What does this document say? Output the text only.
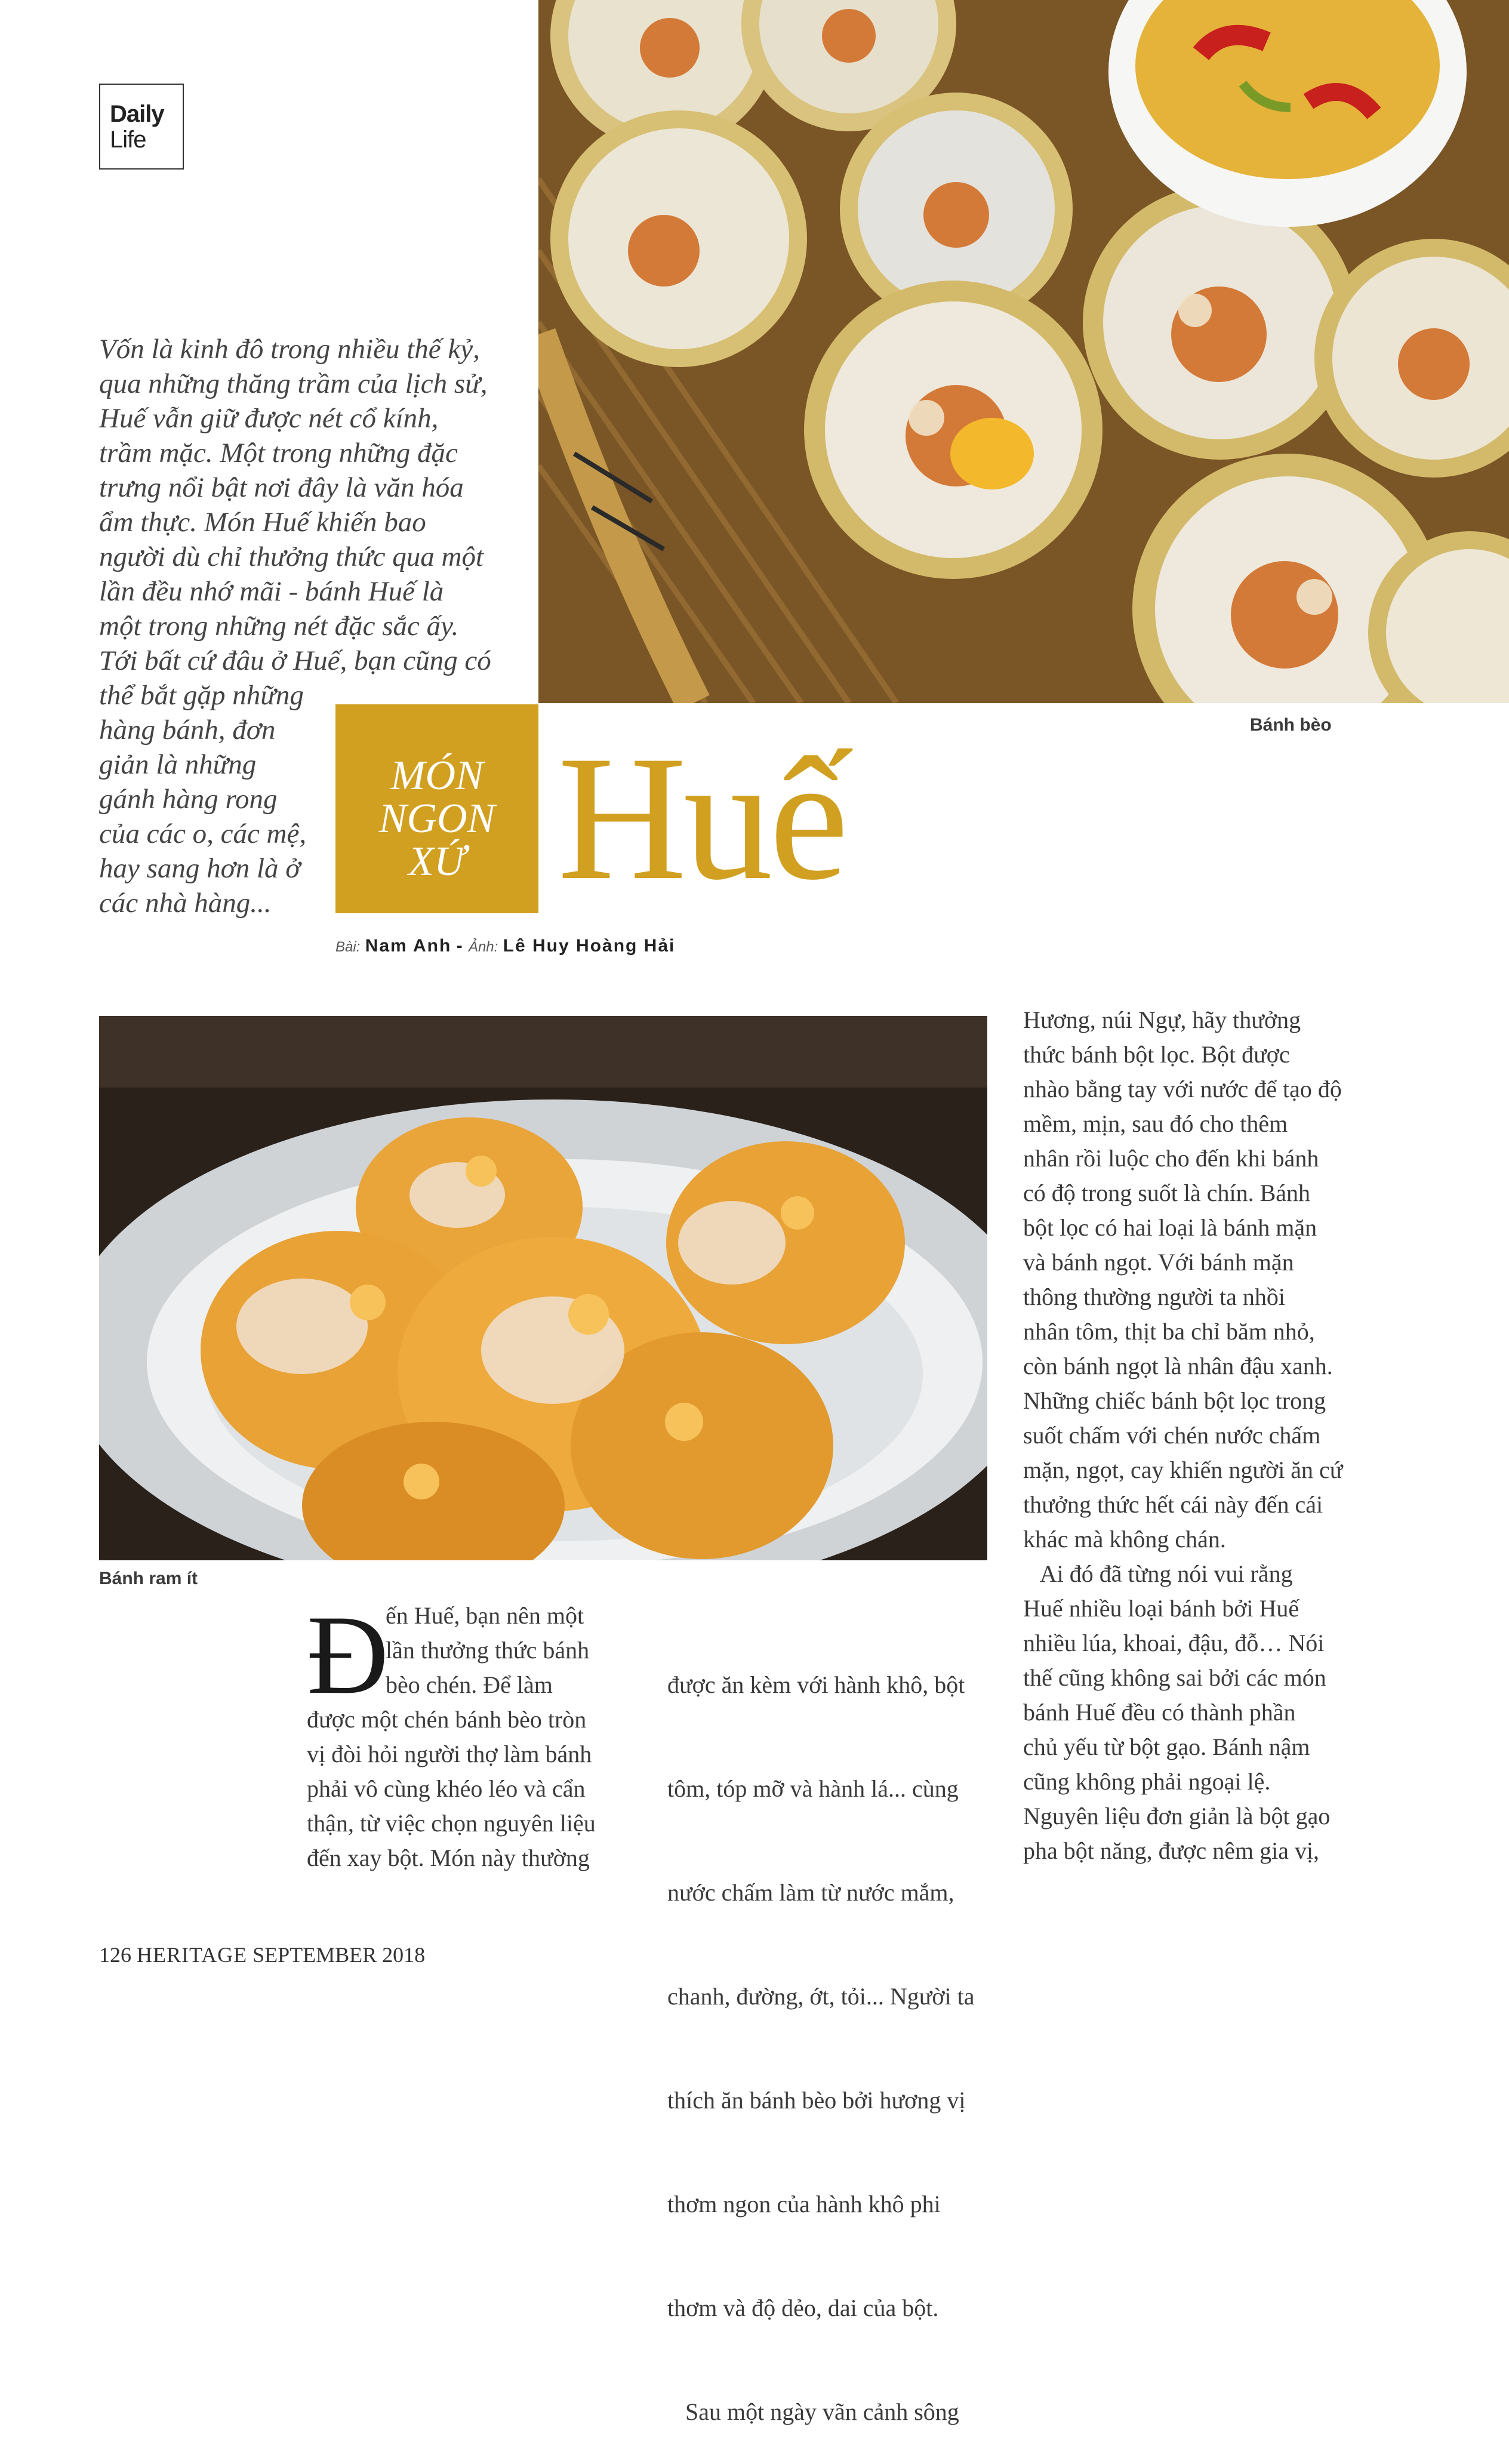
Daily
Life
Bánh bèo
Vốn là kinh đô trong nhiều thế kỷ,
qua những thăng trầm của lịch sử,
Huế vẫn giữ được nét cổ kính,
trầm mặc. Một trong những đặc
trưng nổi bật nơi đây là văn hóa
ẩm thực. Món Huế khiến bao
người dù chỉ thưởng thức qua một
lần đều nhớ mãi - bánh Huế là
một trong những nét đặc sắc ấy.
Tới bất cứ đâu ở Huế, bạn cũng có
thể bắt gặp những
hàng bánh, đơn
giản là những
gánh hàng rong
của các o, các mệ,
hay sang hơn là ở
các nhà hàng...
MÓN
NGON
XỨ Huế
Bài: Nam Anh - Ảnh: Lê Huy Hoàng Hải
Bánh ram ít
Đ
ến Huế, bạn nên một
lần thưởng thức bánh
bèo chén. Để làm
được một chén bánh bèo tròn
vị đòi hỏi người thợ làm bánh
phải vô cùng khéo léo và cẩn
thận, từ việc chọn nguyên liệu
đến xay bột. Món này thường

được ăn kèm với hành khô, bột

tôm, tóp mỡ và hành lá... cùng

nước chấm làm từ nước mắm,

chanh, đường, ớt, tỏi... Người ta

thích ăn bánh bèo bởi hương vị

thơm ngon của hành khô phi

thơm và độ dẻo, dai của bột.

Sau một ngày vãn cảnh sông

Hương, núi Ngự, hãy thưởng
thức bánh bột lọc. Bột được
nhào bằng tay với nước để tạo độ
mềm, mịn, sau đó cho thêm
nhân rồi luộc cho đến khi bánh
có độ trong suốt là chín. Bánh
bột lọc có hai loại là bánh mặn
và bánh ngọt. Với bánh mặn
thông thường người ta nhồi
nhân tôm, thịt ba chỉ băm nhỏ,
còn bánh ngọt là nhân đậu xanh.
Những chiếc bánh bột lọc trong
suốt chấm với chén nước chấm
mặn, ngọt, cay khiến người ăn cứ
thưởng thức hết cái này đến cái
khác mà không chán.
Ai đó đã từng nói vui rằng
Huế nhiều loại bánh bởi Huế
nhiều lúa, khoai, đậu, đỗ… Nói
thế cũng không sai bởi các món
bánh Huế đều có thành phần
chủ yếu từ bột gạo. Bánh nậm
cũng không phải ngoại lệ.
Nguyên liệu đơn giản là bột gạo
pha bột năng, được nêm gia vị,
126 HERITAGE SEPTEMBER 2018
